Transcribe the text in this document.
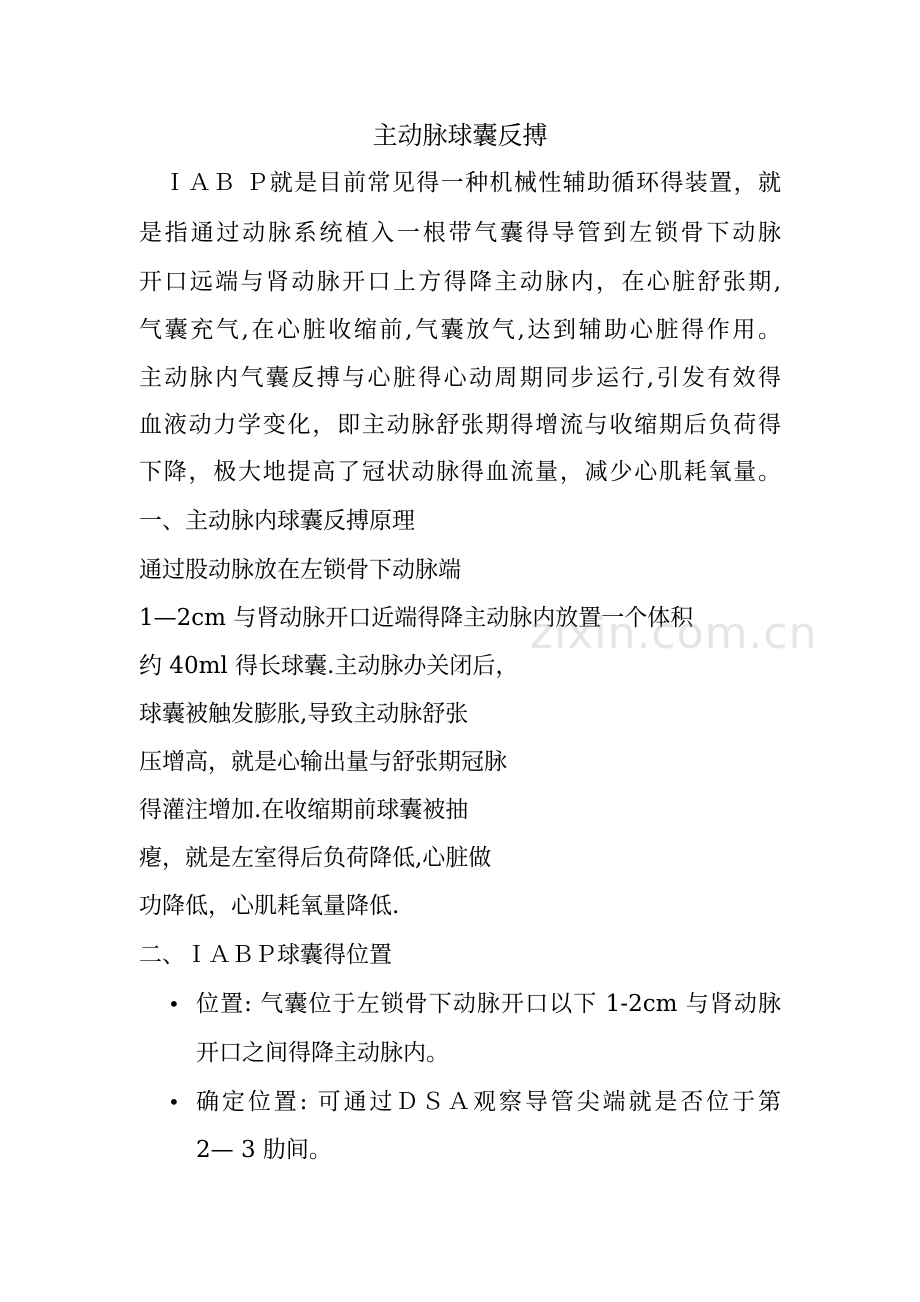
主动脉球囊反搏

　ＩＡＢ Ｐ就是目前常见得一种机械性辅助循环得装置，就

是指通过动脉系统植入一根带气囊得导管到左锁骨下动脉

开口远端与肾动脉开口上方得降主动脉内，在心脏舒张期,

气囊充气,在心脏收缩前,气囊放气,达到辅助心脏得作用。

主动脉内气囊反搏与心脏得心动周期同步运行,引发有效得

血液动力学变化，即主动脉舒张期得增流与收缩期后负荷得

下降，极大地提高了冠状动脉得血流量，减少心肌耗氧量。

一、主动脉内球囊反搏原理

通过股动脉放在左锁骨下动脉端

1—2cm 与肾动脉开口近端得降主动脉内放置一个体积

约 40ml 得长球囊.主动脉办关闭后，

球囊被触发膨胀,导致主动脉舒张

压增高，就是心输出量与舒张期冠脉

得灌注增加.在收缩期前球囊被抽

瘪，就是左室得后负荷降低,心脏做

功降低，心肌耗氧量降低.

二、ＩＡＢＰ球囊得位置

• 位置: 气囊位于左锁骨下动脉开口以下 1-2cm 与肾动脉

开口之间得降主动脉内。

• 确定位置: 可通过ＤＳＡ观察导管尖端就是否位于第

2— 3 肋间。

zixin.com.cn
